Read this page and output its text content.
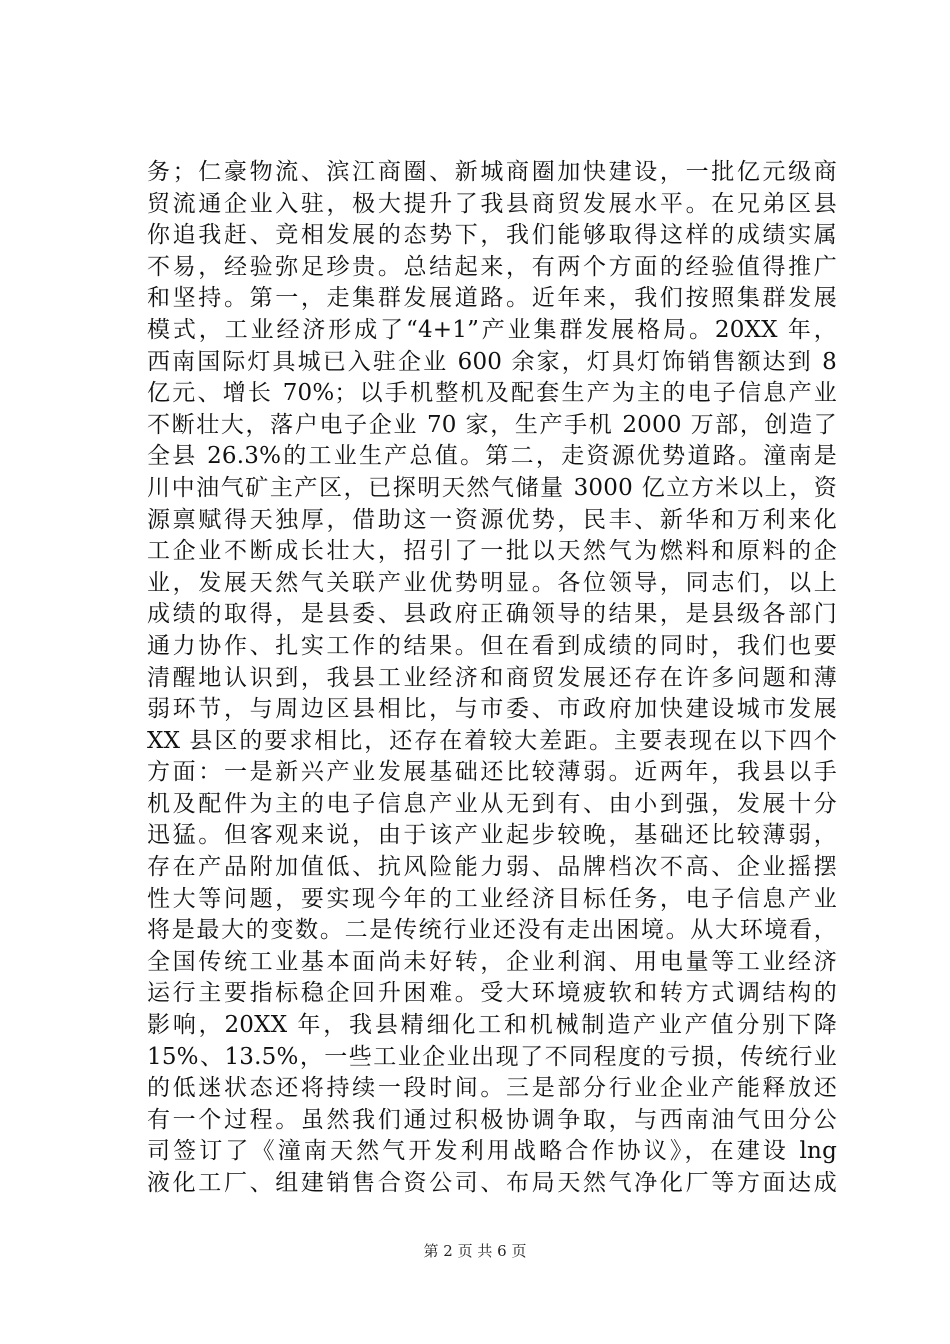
务；仁豪物流、滨江商圈、新城商圈加快建设，一批亿元级商
贸流通企业入驻，极大提升了我县商贸发展水平。在兄弟区县
你追我赶、竞相发展的态势下，我们能够取得这样的成绩实属
不易，经验弥足珍贵。总结起来，有两个方面的经验值得推广
和坚持。第一，走集群发展道路。近年来，我们按照集群发展
模式，工业经济形成了“4+1”产业集群发展格局。20XX 年，
西南国际灯具城已入驻企业 600 余家，灯具灯饰销售额达到 8
亿元、增长 70%；以手机整机及配套生产为主的电子信息产业
不断壮大，落户电子企业 70 家，生产手机 2000 万部，创造了
全县 26.3%的工业生产总值。第二，走资源优势道路。潼南是
川中油气矿主产区，已探明天然气储量 3000 亿立方米以上，资
源禀赋得天独厚，借助这一资源优势，民丰、新华和万利来化
工企业不断成长壮大，招引了一批以天然气为燃料和原料的企
业，发展天然气关联产业优势明显。各位领导，同志们，以上
成绩的取得，是县委、县政府正确领导的结果，是县级各部门
通力协作、扎实工作的结果。但在看到成绩的同时，我们也要
清醒地认识到，我县工业经济和商贸发展还存在许多问题和薄
弱环节，与周边区县相比，与市委、市政府加快建设城市发展
XX 县区的要求相比，还存在着较大差距。主要表现在以下四个
方面：一是新兴产业发展基础还比较薄弱。近两年，我县以手
机及配件为主的电子信息产业从无到有、由小到强，发展十分
迅猛。但客观来说，由于该产业起步较晚，基础还比较薄弱，
存在产品附加值低、抗风险能力弱、品牌档次不高、企业摇摆
性大等问题，要实现今年的工业经济目标任务，电子信息产业
将是最大的变数。二是传统行业还没有走出困境。从大环境看，
全国传统工业基本面尚未好转，企业利润、用电量等工业经济
运行主要指标稳企回升困难。受大环境疲软和转方式调结构的
影响，20XX 年，我县精细化工和机械制造产业产值分别下降
15%、13.5%，一些工业企业出现了不同程度的亏损，传统行业
的低迷状态还将持续一段时间。三是部分行业企业产能释放还
有一个过程。虽然我们通过积极协调争取，与西南油气田分公
司签订了《潼南天然气开发利用战略合作协议》，在建设 lng
液化工厂、组建销售合资公司、布局天然气净化厂等方面达成
第 2 页 共 6 页
